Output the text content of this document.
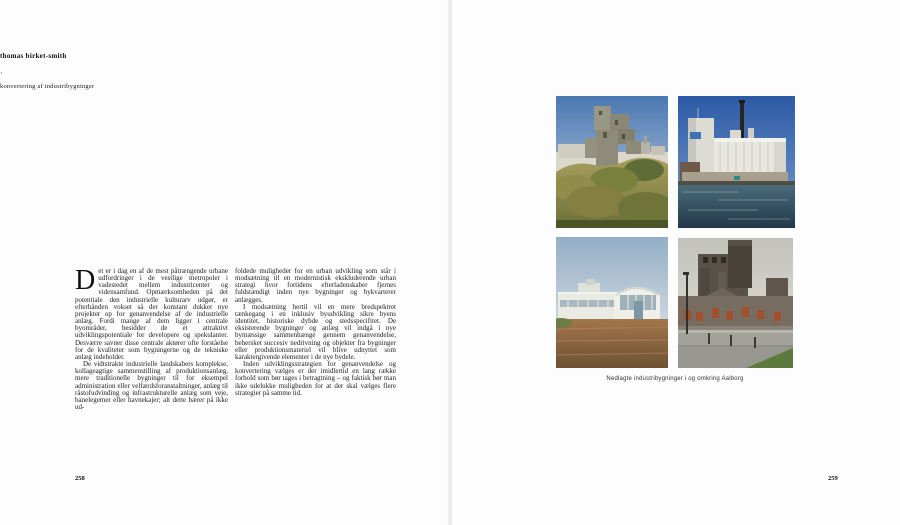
thomas birket-smith
·
konvertering af industribygninger

Det er i dag en af de mest påtrængende urbane udfordringer i de vestlige metropoler i vadestedet mellem industricenter og vidensamfund. Opmærksomheden på det potentiale den industrielle kulturarv udgør, er efterhånden vokset så der konstant dukker nye projekter op for genanvendelse af de industrielle anlæg. Fordi mange af dem ligger i centrale byområder, besidder de et attraktivt udviklingspotentiale for developere og spekulanter. Desværre savner disse centrale aktører ofte forståelse for de kvaliteter som bygningerne og de tekniske anlæg indeholder.

De vidtstrakte industrielle landskabers komplekse, kollageagtige sammenstilling af produktionsanlæg, mere traditionelle bygninger til for eksempel administration eller velfærdsforanstaltninger, anlæg til råstofudvinding og infrastrukturelle anlæg som veje, banelegemer eller havnekajer; alt dette bærer på ikke ud-

foldede muligheder for en urban udvikling som står i modsætning til en modernistisk ekskluderende urban strategi hvor fortidens efterladenskaber fjernes fuldstændigt inden nye bygninger og bykvarterer anlægges.

I modsætning hertil vil en mere bredspektret tænkegang i en inklusiv byudvikling sikre byens identitet, historiske dybde og stedsspecifitet. De eksisterende bygninger og anlæg vil indgå i nye bymæssige sammenhænge gennem genanvendelse, behersket succesiv nedrivning og objekter fra bygninger eller produktionsmateriel vil blive udnyttet som karaktergivende elementer i de nye bydele.

Inden udviklingsstrategien for genanvendelse og konvertering vælges er der imidlertid en lang række forhold som bør tages i betragtning – og faktisk bør man ikke udelukke muligheden for at der skal vælges flere strategier på samme tid.

258
Nedlagte industribygninger i og omkring Aalborg
259
